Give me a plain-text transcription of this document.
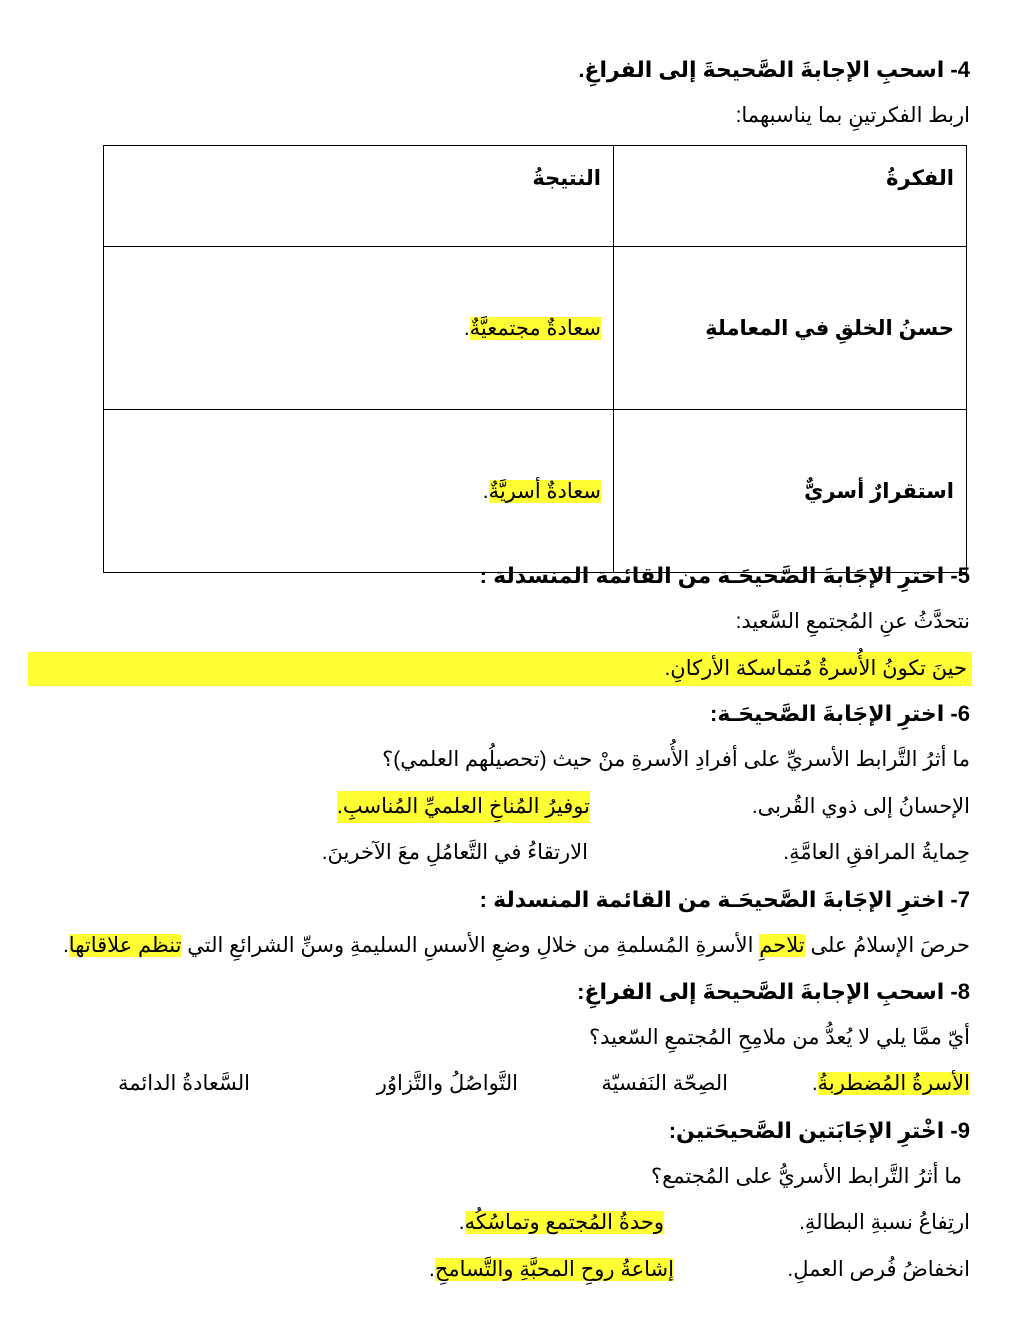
4- اسحبِ الإجابةَ الصَّحيحةَ إلى الفراغِ.
اربط الفكرتينِ بما يناسبهما:
الفكرةُ	النتيجةُ
حسنُ الخلقِ في المعاملةِ	سعادةٌ مجتمعيَّةٌ.
استقرارٌ أسريٌّ	سعادةٌ أسريَّةٌ.
5- اخترِ الإجَابةَ الصَّحيحَـة من القائمة المنسدلة :
نتحدَّثُ عنِ المُجتمعِ السَّعيد:
حينَ تكونُ الأُسرةُ مُتماسكة الأركانِ.
6- اخترِ الإجَابةَ الصَّحيحَـة:
ما أثرُ التَّرابط الأسريِّ على أفرادِ الأُسرةِ منْ حيث (تحصيلُهم العلمي)؟
الإحسانُ إلى ذوي القُربى.
توفيرُ المُناخِ العلميِّ المُناسبِ.
حِمايةُ المرافقِ العامَّةِ.
الارتقاءُ في التَّعامُلِ معَ الآخرينَ.
7- اخترِ الإجَابةَ الصَّحيحَـة من القائمة المنسدلة :
حرصَ الإسلامُ على تلاحمِ الأسرةِ المُسلمةِ من خلالِ وضعِ الأسسِ السليمةِ وسنِّ الشرائعِ التي تنظم علاقاتها.
8- اسحبِ الإجابةَ الصَّحيحةَ إلى الفراغِ:
أيّ ممَّا يلي لا يُعدُّ من ملامِحِ المُجتمعِ السّعيد؟
الأسرةُ المُضطربةُ.
الصِحّة النَفسيّة
التَّواصُلُ والتَّزاوُر
السَّعادةُ الدائمة
9- اخْترِ الإجَابَتين الصَّحيحَتين:
ما أثرُ التَّرابط الأسريُّ على المُجتمع؟
ارتِفاعُ نسبةِ البطالةِ.
وحدةُ المُجتمع وتماسُكُه.
انخفاضُ فُرص العملِ.
إشاعةُ روحِ المحبَّةِ والتَّسامحِ.
